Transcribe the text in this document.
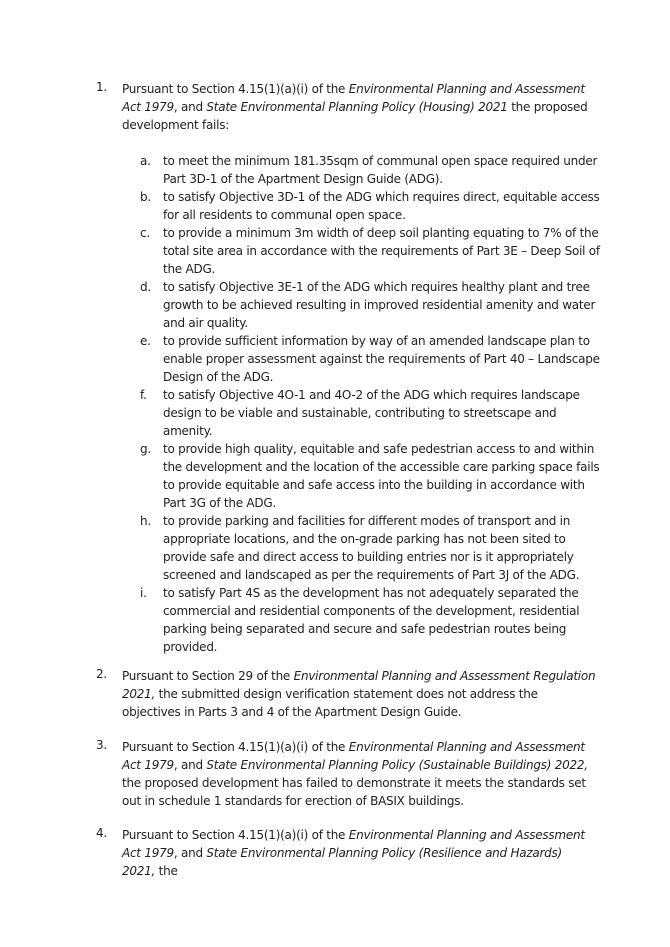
1. Pursuant to Section 4.15(1)(a)(i) of the Environmental Planning and Assessment Act 1979, and State Environmental Planning Policy (Housing) 2021 the proposed development fails:
a. to meet the minimum 181.35sqm of communal open space required under Part 3D-1 of the Apartment Design Guide (ADG).
b. to satisfy Objective 3D-1 of the ADG which requires direct, equitable access for all residents to communal open space.
c. to provide a minimum 3m width of deep soil planting equating to 7% of the total site area in accordance with the requirements of Part 3E – Deep Soil of the ADG.
d. to satisfy Objective 3E-1 of the ADG which requires healthy plant and tree growth to be achieved resulting in improved residential amenity and water and air quality.
e. to provide sufficient information by way of an amended landscape plan to enable proper assessment against the requirements of Part 40 – Landscape Design of the ADG.
f. to satisfy Objective 4O-1 and 4O-2 of the ADG which requires landscape design to be viable and sustainable, contributing to streetscape and amenity.
g. to provide high quality, equitable and safe pedestrian access to and within the development and the location of the accessible care parking space fails to provide equitable and safe access into the building in accordance with Part 3G of the ADG.
h. to provide parking and facilities for different modes of transport and in appropriate locations, and the on-grade parking has not been sited to provide safe and direct access to building entries nor is it appropriately screened and landscaped as per the requirements of Part 3J of the ADG.
i. to satisfy Part 4S as the development has not adequately separated the commercial and residential components of the development, residential parking being separated and secure and safe pedestrian routes being provided.
2. Pursuant to Section 29 of the Environmental Planning and Assessment Regulation 2021, the submitted design verification statement does not address the objectives in Parts 3 and 4 of the Apartment Design Guide.
3. Pursuant to Section 4.15(1)(a)(i) of the Environmental Planning and Assessment Act 1979, and State Environmental Planning Policy (Sustainable Buildings) 2022, the proposed development has failed to demonstrate it meets the standards set out in schedule 1 standards for erection of BASIX buildings.
4. Pursuant to Section 4.15(1)(a)(i) of the Environmental Planning and Assessment Act 1979, and State Environmental Planning Policy (Resilience and Hazards) 2021, the
